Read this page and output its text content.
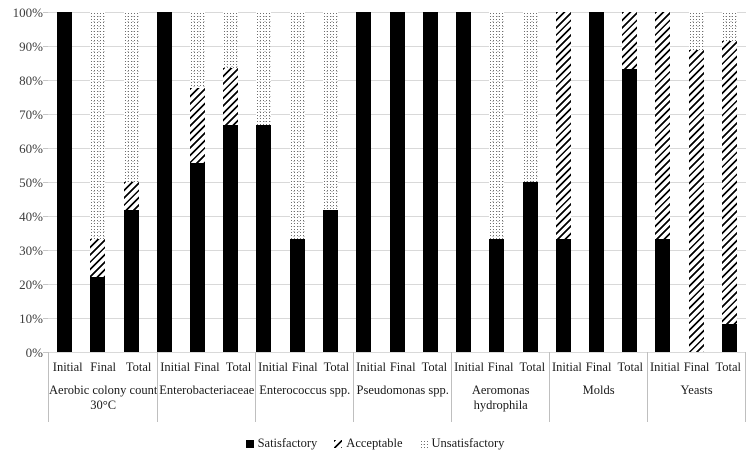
0%
10%
20%
30%
40%
50%
60%
70%
80%
90%
100%
Initial Final Total
Aerobic colony count
30°C
Initial Final Total
Enterobacteriaceae
Initial Final Total
Enterococcus spp.
Initial Final Total
Pseudomonas spp.
Initial Final Total
Aeromonas
hydrophila
Initial Final Total
Molds
Initial Final Total
Yeasts
Satisfactory Acceptable Unsatisfactory
